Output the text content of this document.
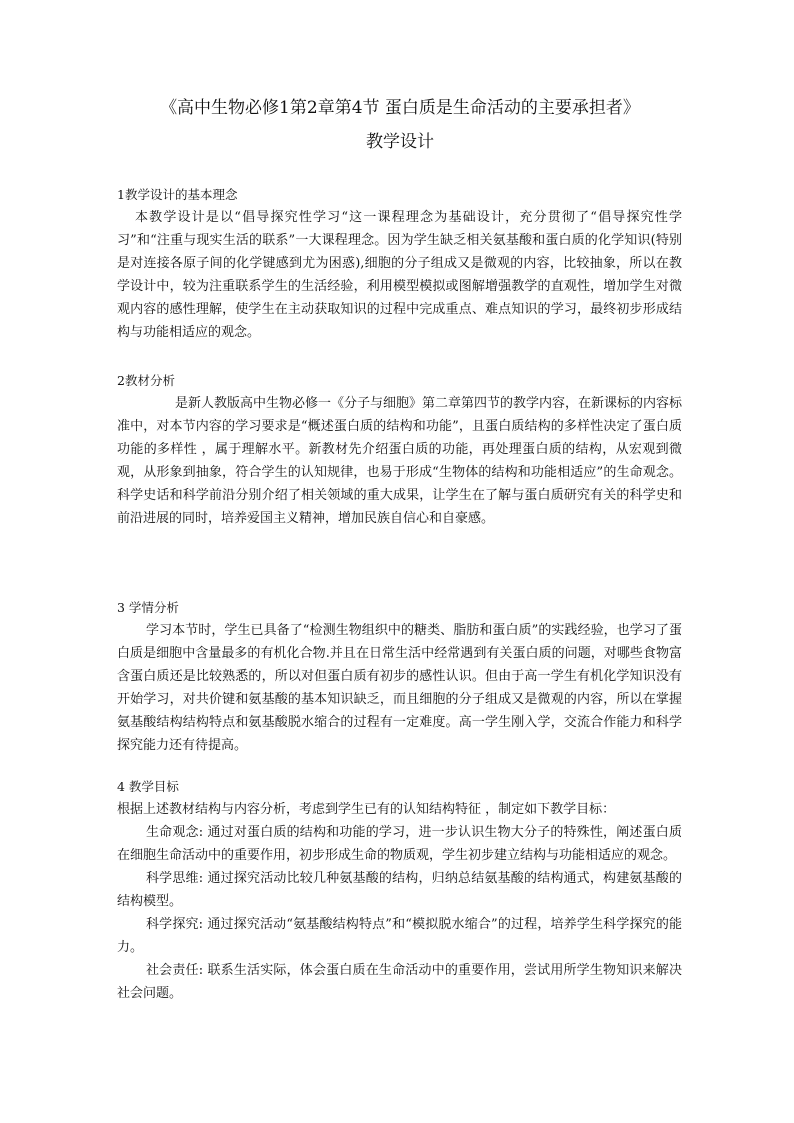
《高中生物必修1第2章第4节 蛋白质是生命活动的主要承担者》
教学设计
1教学设计的基本理念
本教学设计是以“倡导探究性学习“这一课程理念为基础设计，充分贯彻了“倡导探究性学习”和“注重与现实生活的联系”一大课程理念。因为学生缺乏相关氨基酸和蛋白质的化学知识(特别是对连接各原子间的化学键感到尤为困惑),细胞的分子组成又是微观的内容，比较抽象，所以在教学设计中，较为注重联系学生的生活经验，利用模型模拟或图解增强教学的直观性，增加学生对微观内容的感性理解，使学生在主动获取知识的过程中完成重点、难点知识的学习，最终初步形成结构与功能相适应的观念。
2教材分析
是新人教版高中生物必修一《分子与细胞》第二章第四节的教学内容，在新课标的内容标准中，对本节内容的学习要求是“概述蛋白质的结构和功能”，且蛋白质结构的多样性决定了蛋白质功能的多样性 ，属于理解水平。新教材先介绍蛋白质的功能，再处理蛋白质的结构，从宏观到微观，从形象到抽象，符合学生的认知规律，也易于形成“生物体的结构和功能相适应”的生命观念。科学史话和科学前沿分别介绍了相关领域的重大成果，让学生在了解与蛋白质研究有关的科学史和前沿进展的同时，培养爱国主义精神，增加民族自信心和自豪感。
3 学情分析
学习本节时，学生已具备了“检测生物组织中的糖类、脂肪和蛋白质”的实践经验，也学习了蛋白质是细胞中含量最多的有机化合物.并且在日常生活中经常遇到有关蛋白质的问题，对哪些食物富含蛋白质还是比较熟悉的，所以对但蛋白质有初步的感性认识。但由于高一学生有机化学知识没有开始学习，对共价键和氨基酸的基本知识缺乏，而且细胞的分子组成又是微观的内容，所以在掌握氨基酸结构结构特点和氨基酸脱水缩合的过程有一定难度。高一学生刚入学，交流合作能力和科学探究能力还有待提高。
4 教学目标
根据上述教材结构与内容分析，考虑到学生已有的认知结构特征 ，制定如下教学目标：
生命观念: 通过对蛋白质的结构和功能的学习，进一步认识生物大分子的特殊性，阐述蛋白质在细胞生命活动中的重要作用，初步形成生命的物质观，学生初步建立结构与功能相适应的观念。
科学思维: 通过探究活动比较几种氨基酸的结构，归纳总结氨基酸的结构通式，构建氨基酸的结构模型。
科学探究: 通过探究活动“氨基酸结构特点”和“模拟脱水缩合”的过程，培养学生科学探究的能力。
社会责任: 联系生活实际，体会蛋白质在生命活动中的重要作用，尝试用所学生物知识来解决社会问题。
